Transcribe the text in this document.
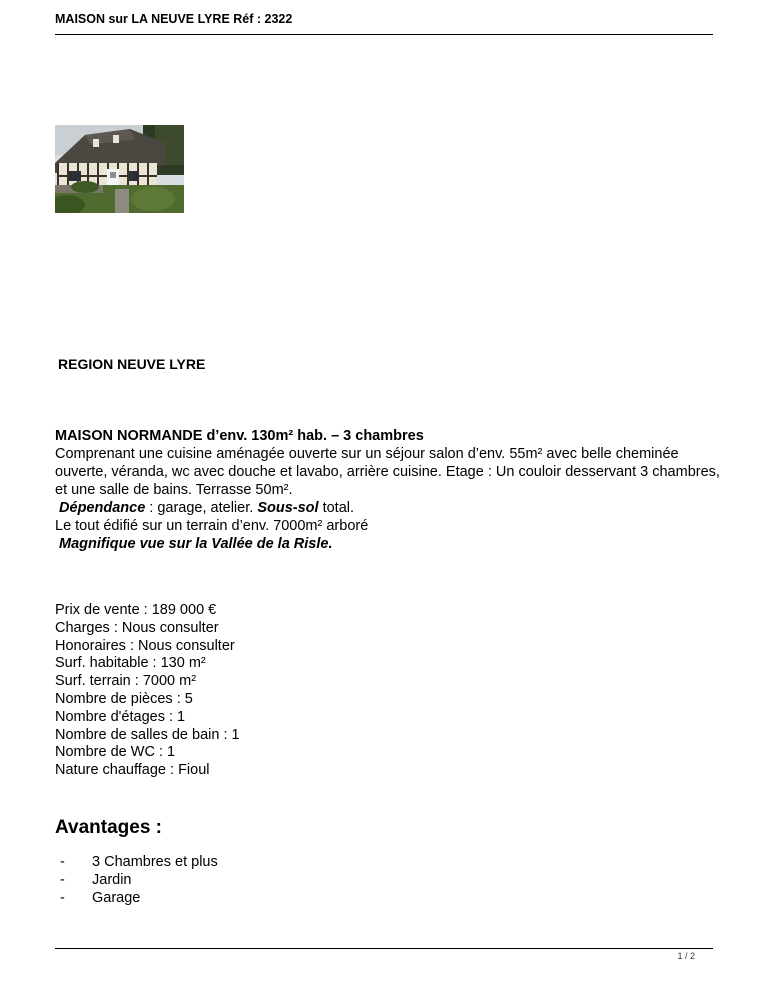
MAISON sur LA NEUVE LYRE Réf : 2322
REGION NEUVE LYRE

MAISON NORMANDE d’env. 130m² hab. – 3 chambres

Comprenant une cuisine aménagée ouverte sur un séjour salon d’env. 55m² avec belle cheminée ouverte, véranda, wc avec douche et lavabo, arrière cuisine. Etage : Un couloir desservant 3 chambres, et une salle de bains. Terrasse 50m².

Dépendance : garage, atelier. Sous-sol total.

Le tout édifié sur un terrain d’env. 7000m² arboré

Magnifique vue sur la Vallée de la Risle.

Prix de vente : 189 000 €
Charges : Nous consulter
Honoraires : Nous consulter
Surf. habitable : 130 m²
Surf. terrain : 7000 m²
Nombre de pièces : 5
Nombre d'étages : 1
Nombre de salles de bain : 1
Nombre de WC : 1
Nature chauffage : Fioul
Avantages :
- 3 Chambres et plus
- Jardin
- Garage
1 / 2
